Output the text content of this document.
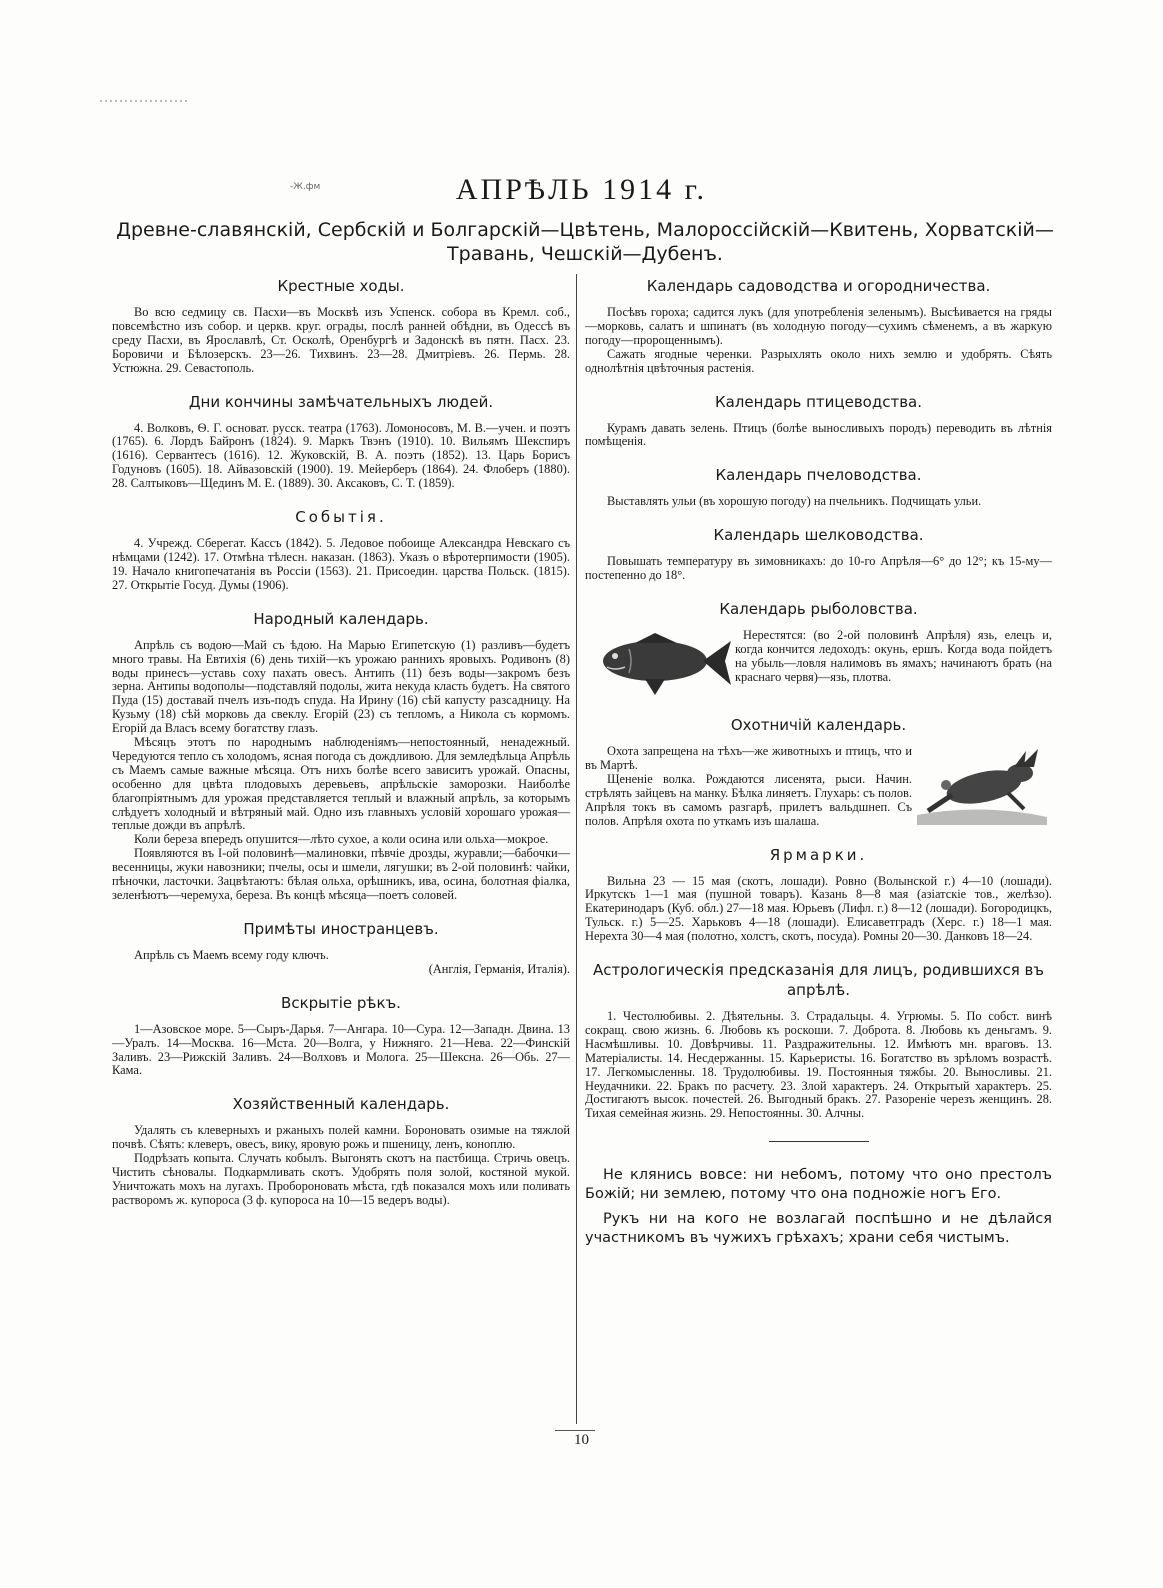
-Ж.фм	АПРѢЛЬ 1914 г.
Древне-славянскій, Сербскій и Болгарскій—Цвѣтень, Малороссійскій—Квитень, Хорватскій—Травань, Чешскій—Дубенъ.
Крестные ходы.

Во всю седмицу св. Пасхи—въ Москвѣ изъ Успенск. собора въ Кремл. соб., повсемѣстно изъ собор. и церкв. круг. ограды, послѣ ранней обѣдни, въ Одессѣ въ среду Пасхи, въ Ярославлѣ, Ст. Осколѣ, Оренбургѣ и Задонскѣ въ пятн. Пасх. 23. Боровичи и Бѣлозерскъ. 23—26. Тихвинъ. 23—28. Дмитріевъ. 26. Пермь. 28. Устюжна. 29. Севастополь.

Дни кончины замѣчательныхъ людей.

4. Волковъ, Ѳ. Г. основат. русск. театра (1763). Ломоносовъ, М. В.—учен. и поэтъ (1765). 6. Лордъ Байронъ (1824). 9. Маркъ Твэнъ (1910). 10. Вильямъ Шекспиръ (1616). Сервантесъ (1616). 12. Жуковскій, В. А. поэтъ (1852). 13. Царь Борисъ Годуновъ (1605). 18. Айвазовскій (1900). 19. Мейерберъ (1864). 24. Флоберъ (1880). 28. Салтыковъ—Щединъ М. Е. (1889). 30. Аксаковъ, С. Т. (1859).

Событія.

4. Учрежд. Сберегат. Кассъ (1842). 5. Ледовое побоище Александра Невскаго съ нѣмцами (1242). 17. Отмѣна тѣлесн. наказан. (1863). Указъ о вѣротерпимости (1905). 19. Начало книгопечатанія въ Россіи (1563). 21. Присоедин. царства Польск. (1815). 27. Открытіе Госуд. Думы (1906).

Народный календарь.

Апрѣль съ водою—Май съ ѣдою. На Марью Египетскую (1) разливъ—будетъ много травы. На Евтихія (6) день тихій—къ урожаю раннихъ яровыхъ. Родивонъ (8) воды принесъ—уставь соху пахать овесъ. Антипъ (11) безъ воды—закромъ безъ зерна. Антипы водополы—подставляй подолы, жита некуда класть будетъ. На святого Пуда (15) доставай пчелъ изъ-подъ спуда. На Ирину (16) сѣй капусту разсадницу. На Кузьму (18) сѣй морковь да свеклу. Егорій (23) съ тепломъ, а Никола съ кормомъ. Егорій да Власъ всему богатству глазъ.

Мѣсяцъ этотъ по народнымъ наблюденіямъ—непостоянный, ненадежный. Чередуются тепло съ холодомъ, ясная погода съ дождливою. Для земледѣльца Апрѣль съ Маемъ самые важные мѣсяца. Отъ нихъ болѣе всего зависитъ урожай. Опасны, особенно для цвѣта плодовыхъ деревьевъ, апрѣльскіе заморозки. Наиболѣе благопріятнымъ для урожая представляется теплый и влажный апрѣль, за которымъ слѣдуетъ холодный и вѣтряный май. Одно изъ главныхъ условій хорошаго урожая—теплые дожди въ апрѣлѣ.

Коли береза впередъ опушится—лѣто сухое, а коли осина или ольха—мокрое.

Появляются въ I-ой половинѣ—малиновки, пѣвчіе дрозды, журавли;—бабочки—весенницы, жуки навозники; пчелы, осы и шмели, лягушки; въ 2-ой половинѣ: чайки, пѣночки, ласточки. Зацвѣтаютъ: бѣлая ольха, орѣшникъ, ива, осина, болотная фіалка, зеленѣютъ—черемуха, береза. Въ концѣ мѣсяца—поетъ соловей.

Примѣты иностранцевъ.

Апрѣль съ Маемъ всему году ключъ.

(Англія, Германія, Италія).

Вскрытіе рѣкъ.

1—Азовское море. 5—Сыръ-Дарья. 7—Ангара. 10—Сура. 12—Западн. Двина. 13—Уралъ. 14—Москва. 16—Мста. 20—Волга, у Нижняго. 21—Нева. 22—Финскій Заливъ. 23—Рижскій Заливъ. 24—Волховъ и Молога. 25—Шексна. 26—Обь. 27—Кама.

Хозяйственный календарь.

Удалять съ клеверныхъ и ржаныхъ полей камни. Бороновать озимые на тяжлой почвѣ. Сѣять: клеверъ, овесъ, вику, яровую рожь и пшеницу, ленъ, коноплю.

Подрѣзать копыта. Случать кобылъ. Выгонять скотъ на пастбища. Стричь овецъ. Чистить сѣновалы. Подкармливать скотъ. Удобрять поля золой, костяной мукой. Уничтожать мохъ на лугахъ. Пробороновать мѣста, гдѣ показался мохъ или поливать растворомъ ж. купороса (3 ф. купороса на 10—15 ведеръ воды).

Календарь садоводства и огородничества.

Посѣвъ гороха; садится лукъ (для употребленія зеленымъ). Высѣивается на гряды—морковь, салатъ и шпинатъ (въ холодную погоду—сухимъ сѣменемъ, а въ жаркую погоду—пророщеннымъ).

Сажать ягодные черенки. Разрыхлять около нихъ землю и удобрять. Сѣять однолѣтнія цвѣточныя растенія.

Календарь птицеводства.

Курамъ давать зелень. Птицъ (болѣе выносливыхъ породъ) переводить въ лѣтнія помѣщенія.

Календарь пчеловодства.

Выставлять ульи (въ хорошую погоду) на пчельникъ. Подчищать ульи.

Календарь шелководства.

Повышать температуру въ зимовникахъ: до 10-го Апрѣля—6° до 12°; къ 15-му—постепенно до 18°.

Календарь рыболовства.

Нерестятся: (во 2-ой половинѣ Апрѣля) язь, елецъ и, когда кончится ледоходъ: окунь, ершъ. Когда вода пойдетъ на убыль—ловля налимовъ въ ямахъ; начинаютъ брать (на краснаго червя)—язь, плотва.

Охотничій календарь.

Охота запрещена на тѣхъ—же животныхъ и птицъ, что и въ Мартѣ.

Щененіе волка. Рождаются лисенята, рыси. Начин. стрѣлять зайцевъ на манку. Бѣлка линяетъ. Глухарь: съ полов. Апрѣля токъ въ самомъ разгарѣ, прилетъ вальдшнеп. Съ полов. Апрѣля охота по уткамъ изъ шалаша.

Ярмарки.

Вильна 23 — 15 мая (скотъ, лошади). Ровно (Волынской г.) 4—10 (лошади). Иркутскъ 1—1 мая (пушной товаръ). Казань 8—8 мая (азіатскіе тов., желѣзо). Екатеринодаръ (Куб. обл.) 27—18 мая. Юрьевъ (Лифл. г.) 8—12 (лошади). Богородицкъ, Тульск. г.) 5—25. Харьковъ 4—18 (лошади). Елисаветградъ (Херс. г.) 18—1 мая. Нерехта 30—4 мая (полотно, холстъ, скотъ, посуда). Ромны 20—30. Данковъ 18—24.

Астрологическія предсказанія для лицъ, родившихся въ апрѣлѣ.

1. Честолюбивы. 2. Дѣятельны. 3. Страдальцы. 4. Угрюмы. 5. По собст. винѣ сокращ. свою жизнь. 6. Любовь къ роскоши. 7. Доброта. 8. Любовь къ деньгамъ. 9. Насмѣшливы. 10. Довѣрчивы. 11. Раздражительны. 12. Имѣютъ мн. враговъ. 13. Матеріалисты. 14. Несдержанны. 15. Карьеристы. 16. Богатство въ зрѣломъ возрастѣ. 17. Легкомысленны. 18. Трудолюбивы. 19. Постоянныя тяжбы. 20. Выносливы. 21. Неудачники. 22. Бракъ по расчету. 23. Злой характеръ. 24. Открытый характеръ. 25. Достигаютъ высок. почестей. 26. Выгодный бракъ. 27. Разореніе черезъ женщинъ. 28. Тихая семейная жизнь. 29. Непостоянны. 30. Алчны.

Не клянись вовсе: ни небомъ, потому что оно престолъ Божій; ни землею, потому что она подножіе ногъ Его.

Рукъ ни на кого не возлагай поспѣшно и не дѣлайся участникомъ въ чужихъ грѣхахъ; храни себя чистымъ.

10
